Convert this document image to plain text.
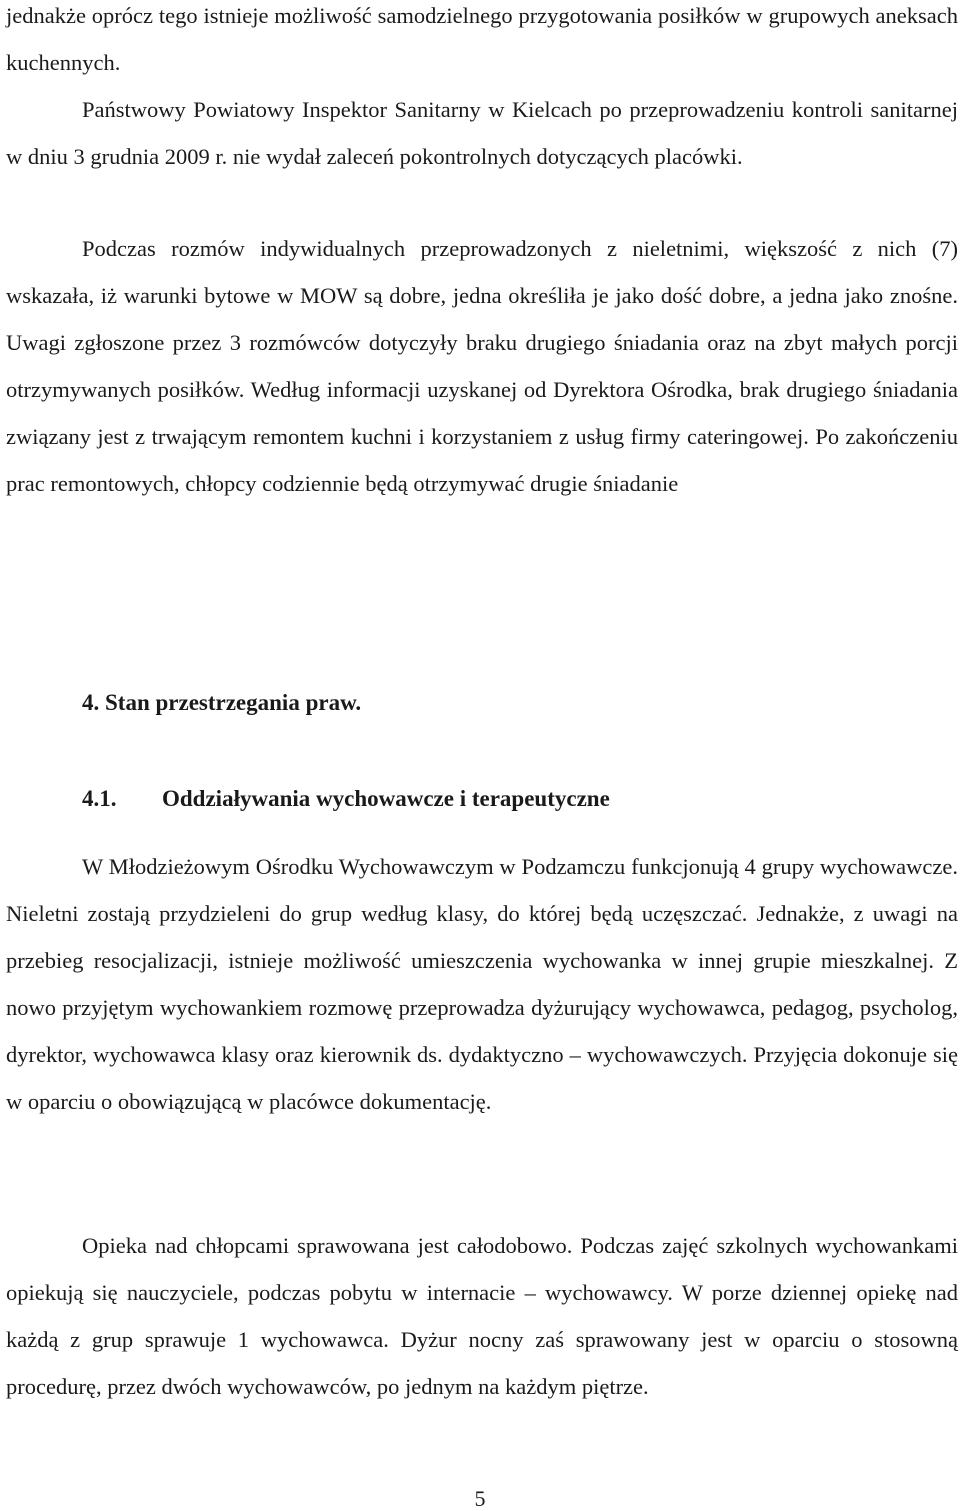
jednakże oprócz tego istnieje możliwość samodzielnego przygotowania posiłków w grupowych aneksach kuchennych.

Państwowy Powiatowy Inspektor Sanitarny w Kielcach po przeprowadzeniu kontroli sanitarnej w dniu 3 grudnia 2009 r. nie wydał zaleceń pokontrolnych dotyczących placówki.

Podczas rozmów indywidualnych przeprowadzonych z nieletnimi, większość z nich (7) wskazała, iż warunki bytowe w MOW są dobre, jedna określiła je jako dość dobre, a jedna jako znośne. Uwagi zgłoszone przez 3 rozmówców dotyczyły braku drugiego śniadania oraz na zbyt małych porcji otrzymywanych posiłków. Według informacji uzyskanej od Dyrektora Ośrodka, brak drugiego śniadania związany jest z trwającym remontem kuchni i korzystaniem z usług firmy cateringowej. Po zakończeniu prac remontowych, chłopcy codziennie będą otrzymywać drugie śniadanie

4. Stan przestrzegania praw.
4.1. Oddziaływania wychowawcze i terapeutyczne

W Młodzieżowym Ośrodku Wychowawczym w Podzamczu funkcjonują 4 grupy wychowawcze. Nieletni zostają przydzieleni do grup według klasy, do której będą uczęszczać. Jednakże, z uwagi na przebieg resocjalizacji, istnieje możliwość umieszczenia wychowanka w innej grupie mieszkalnej. Z nowo przyjętym wychowankiem rozmowę przeprowadza dyżurujący wychowawca, pedagog, psycholog, dyrektor, wychowawca klasy oraz kierownik ds. dydaktyczno – wychowawczych. Przyjęcia dokonuje się w oparciu o obowiązującą w placówce dokumentację.

Opieka nad chłopcami sprawowana jest całodobowo. Podczas zajęć szkolnych wychowankami opiekują się nauczyciele, podczas pobytu w internacie – wychowawcy. W porze dziennej opiekę nad każdą z grup sprawuje 1 wychowawca. Dyżur nocny zaś sprawowany jest w oparciu o stosowną procedurę, przez dwóch wychowawców, po jednym na każdym piętrze.

5
